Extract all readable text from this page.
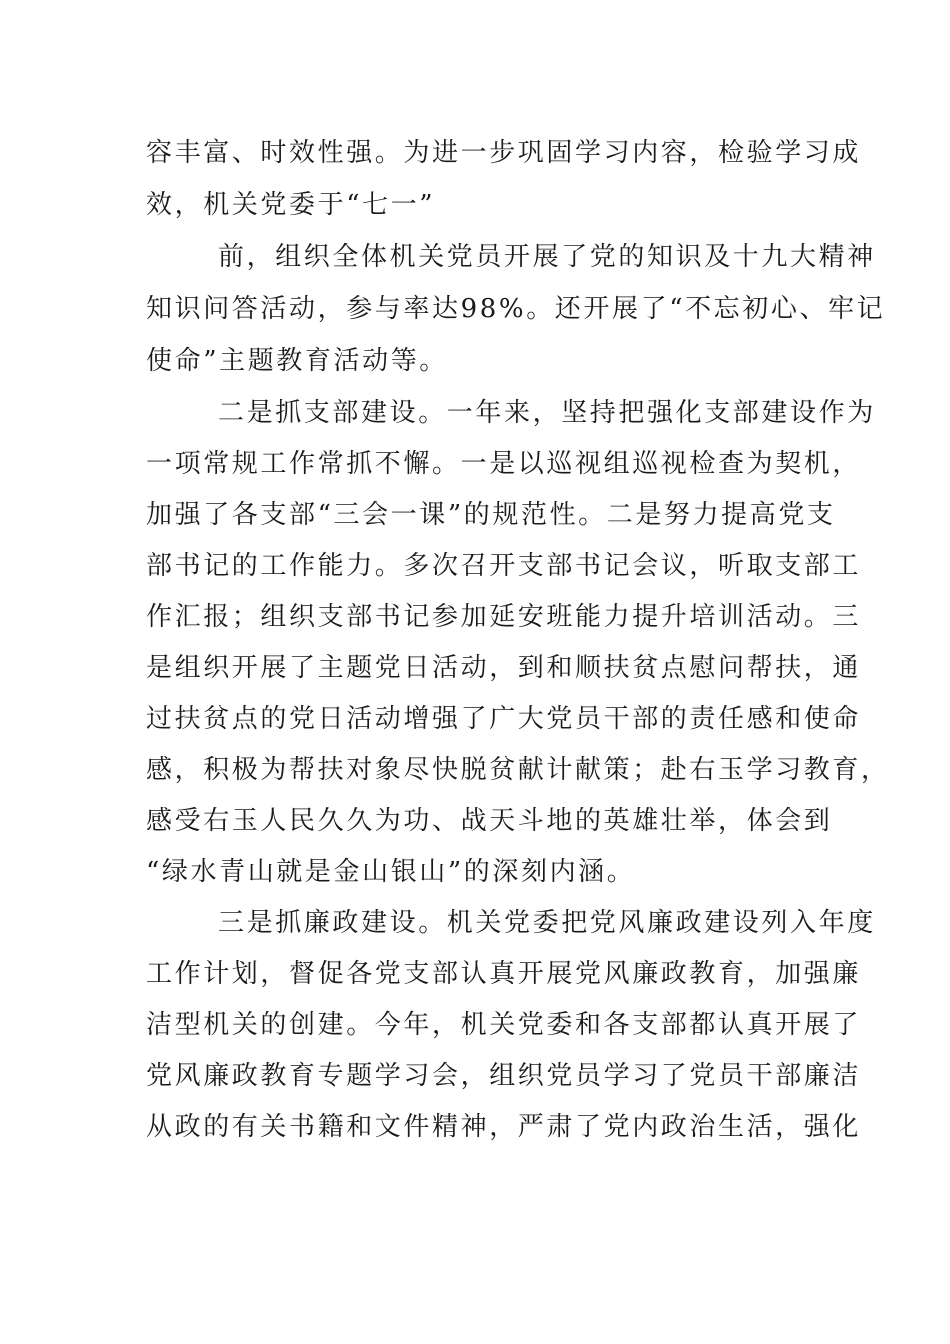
容丰富、时效性强。为进一步巩固学习内容，检验学习成
效，机关党委于“七一”
前，组织全体机关党员开展了党的知识及十九大精神
知识问答活动，参与率达98%。还开展了“不忘初心、牢记
使命”主题教育活动等。
二是抓支部建设。一年来，坚持把强化支部建设作为
一项常规工作常抓不懈。一是以巡视组巡视检查为契机，
加强了各支部“三会一课”的规范性。二是努力提高党支
部书记的工作能力。多次召开支部书记会议，听取支部工
作汇报；组织支部书记参加延安班能力提升培训活动。三
是组织开展了主题党日活动，到和顺扶贫点慰问帮扶，通
过扶贫点的党日活动增强了广大党员干部的责任感和使命
感，积极为帮扶对象尽快脱贫献计献策；赴右玉学习教育，
感受右玉人民久久为功、战天斗地的英雄壮举，体会到
“绿水青山就是金山银山”的深刻内涵。
三是抓廉政建设。机关党委把党风廉政建设列入年度
工作计划，督促各党支部认真开展党风廉政教育，加强廉
洁型机关的创建。今年，机关党委和各支部都认真开展了
党风廉政教育专题学习会，组织党员学习了党员干部廉洁
从政的有关书籍和文件精神，严肃了党内政治生活，强化
